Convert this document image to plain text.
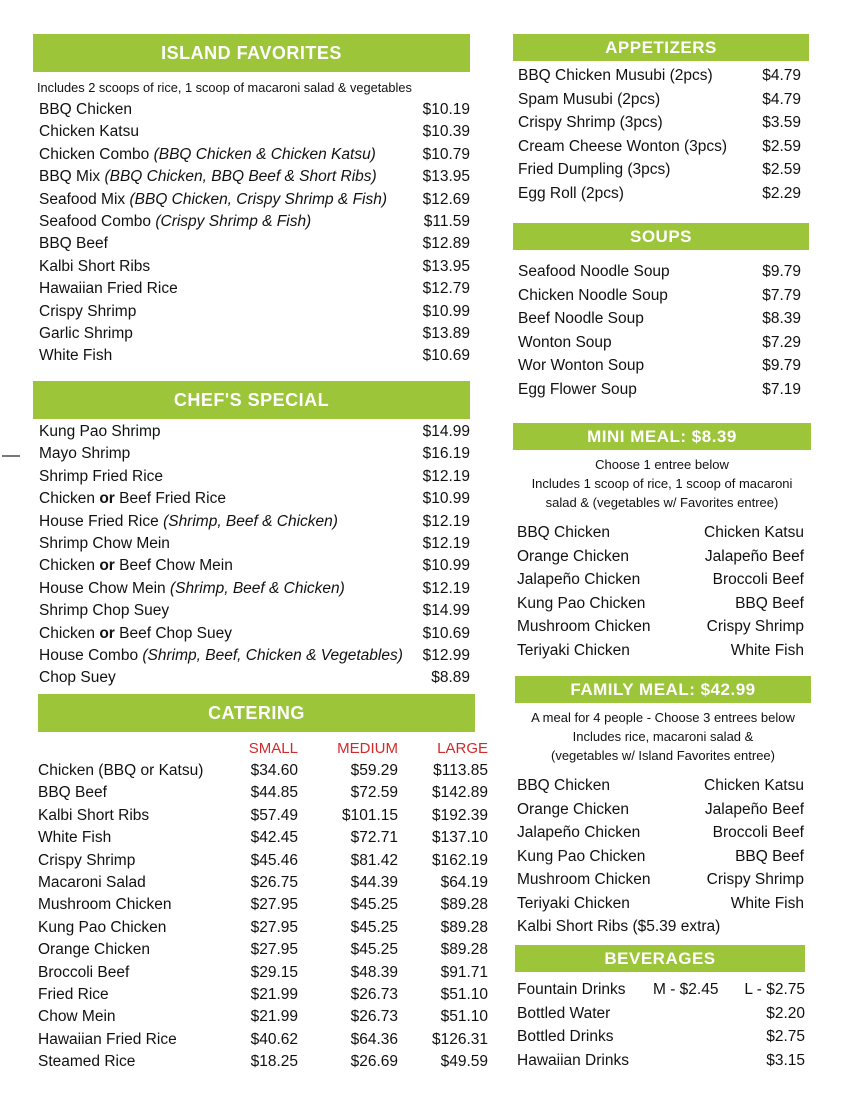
ISLAND FAVORITES
Includes 2 scoops of rice, 1 scoop of macaroni salad & vegetables
BBQ Chicken	$10.19
Chicken Katsu	$10.39
Chicken Combo (BBQ Chicken & Chicken Katsu)	$10.79
BBQ Mix (BBQ Chicken, BBQ Beef & Short Ribs)	$13.95
Seafood Mix (BBQ Chicken, Crispy Shrimp & Fish) $12.69
Seafood Combo (Crispy Shrimp & Fish)	$11.59
BBQ Beef	$12.89
Kalbi Short Ribs	$13.95
Hawaiian Fried Rice	$12.79
Crispy Shrimp	$10.99
Garlic Shrimp	$13.89
White Fish	$10.69
CHEF'S SPECIAL
Kung Pao Shrimp	$14.99
Mayo Shrimp	$16.19
Shrimp Fried Rice	$12.19
Chicken or Beef Fried Rice	$10.99
House Fried Rice (Shrimp, Beef & Chicken)	$12.19
Shrimp Chow Mein	$12.19
Chicken or Beef Chow Mein	$10.99
House Chow Mein (Shrimp, Beef & Chicken)	$12.19
Shrimp Chop Suey	$14.99
Chicken or Beef Chop Suey	$10.69
House Combo (Shrimp, Beef, Chicken & Vegetables) $12.99
Chop Suey	$8.89
CATERING
SMALL	MEDIUM	LARGE
Chicken (BBQ or Katsu)	$34.60	$59.29	$113.85
BBQ Beef	$44.85	$72.59	$142.89
Kalbi Short Ribs	$57.49	$101.15	$192.39
White Fish	$42.45	$72.71	$137.10
Crispy Shrimp	$45.46	$81.42	$162.19
Macaroni Salad	$26.75	$44.39	$64.19
Mushroom Chicken	$27.95	$45.25	$89.28
Kung Pao Chicken	$27.95	$45.25	$89.28
Orange Chicken	$27.95	$45.25	$89.28
Broccoli Beef	$29.15	$48.39	$91.71
Fried Rice	$21.99	$26.73	$51.10
Chow Mein	$21.99	$26.73	$51.10
Hawaiian Fried Rice	$40.62	$64.36	$126.31
Steamed Rice	$18.25	$26.69	$49.59
APPETIZERS
BBQ Chicken Musubi (2pcs)	$4.79
Spam Musubi (2pcs)	$4.79
Crispy Shrimp (3pcs)	$3.59
Cream Cheese Wonton (3pcs) $2.59
Fried Dumpling (3pcs)	$2.59
Egg Roll (2pcs)	$2.29
SOUPS
Seafood Noodle Soup	$9.79
Chicken Noodle Soup	$7.79
Beef Noodle Soup	$8.39
Wonton Soup	$7.29
Wor Wonton Soup	$9.79
Egg Flower Soup	$7.19
MINI MEAL: $8.39
Choose 1 entree below
Includes 1 scoop of rice, 1 scoop of macaroni
salad & (vegetables w/ Favorites entree)
BBQ Chicken	Chicken Katsu
Orange Chicken	Jalapeño Beef
Jalapeño Chicken	Broccoli Beef
Kung Pao Chicken	BBQ Beef
Mushroom Chicken	Crispy Shrimp
Teriyaki Chicken	White Fish
FAMILY MEAL: $42.99
A meal for 4 people - Choose 3 entrees below
Includes rice, macaroni salad &
(vegetables w/ Island Favorites entree)
BBQ Chicken	Chicken Katsu
Orange Chicken	Jalapeño Beef
Jalapeño Chicken	Broccoli Beef
Kung Pao Chicken	BBQ Beef
Mushroom Chicken	Crispy Shrimp
Teriyaki Chicken	White Fish
Kalbi Short Ribs ($5.39 extra)
BEVERAGES
Fountain Drinks	M - $2.45	L - $2.75
Bottled Water	$2.20
Bottled Drinks	$2.75
Hawaiian Drinks	$3.15
